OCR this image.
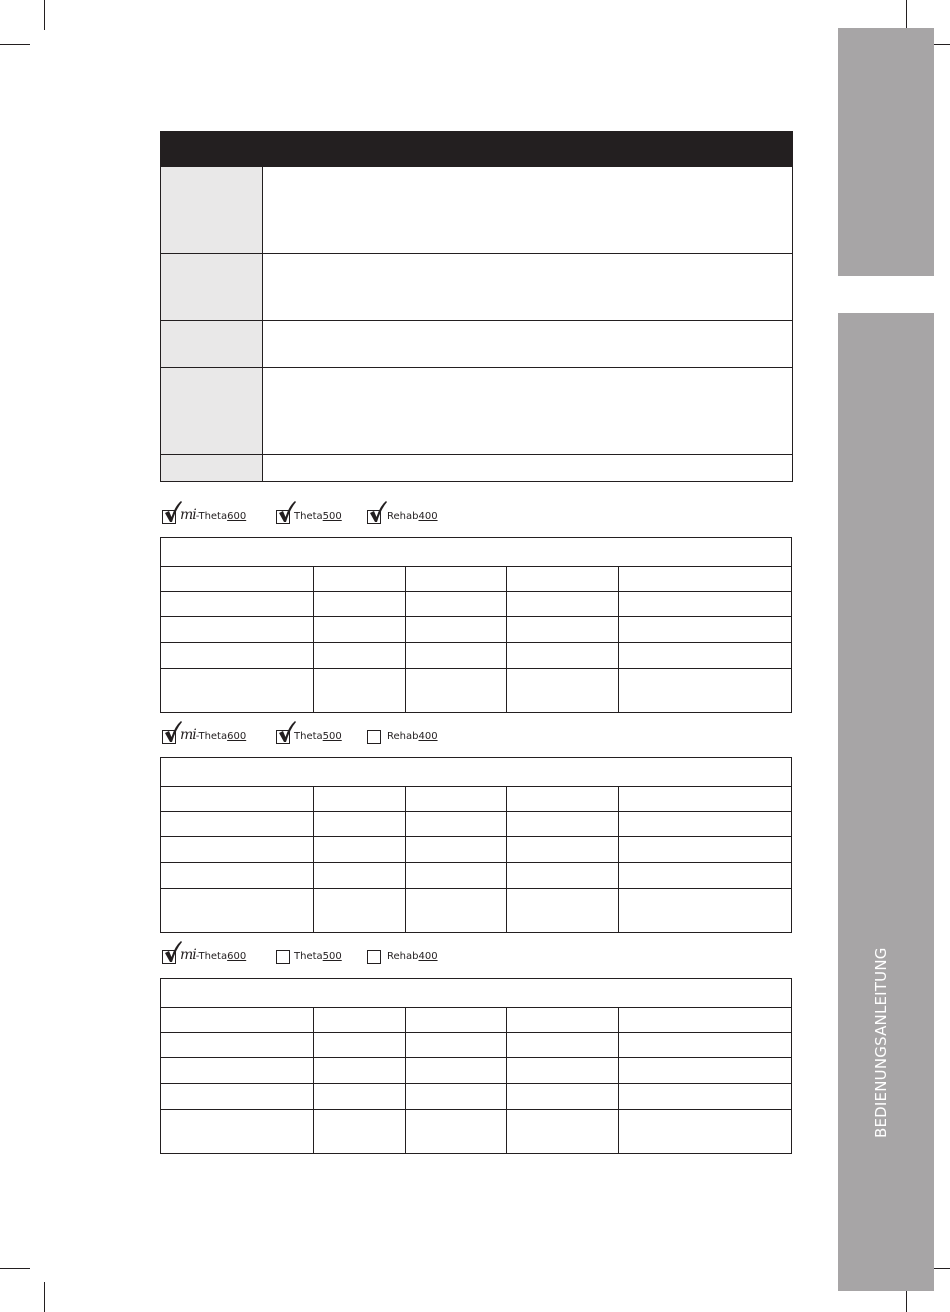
BEDIENUNGSANLEITUNG
mi-Theta600	Theta500	Rehab400
mi-Theta600	Theta500	Rehab400
mi-Theta600	Theta500	Rehab400
